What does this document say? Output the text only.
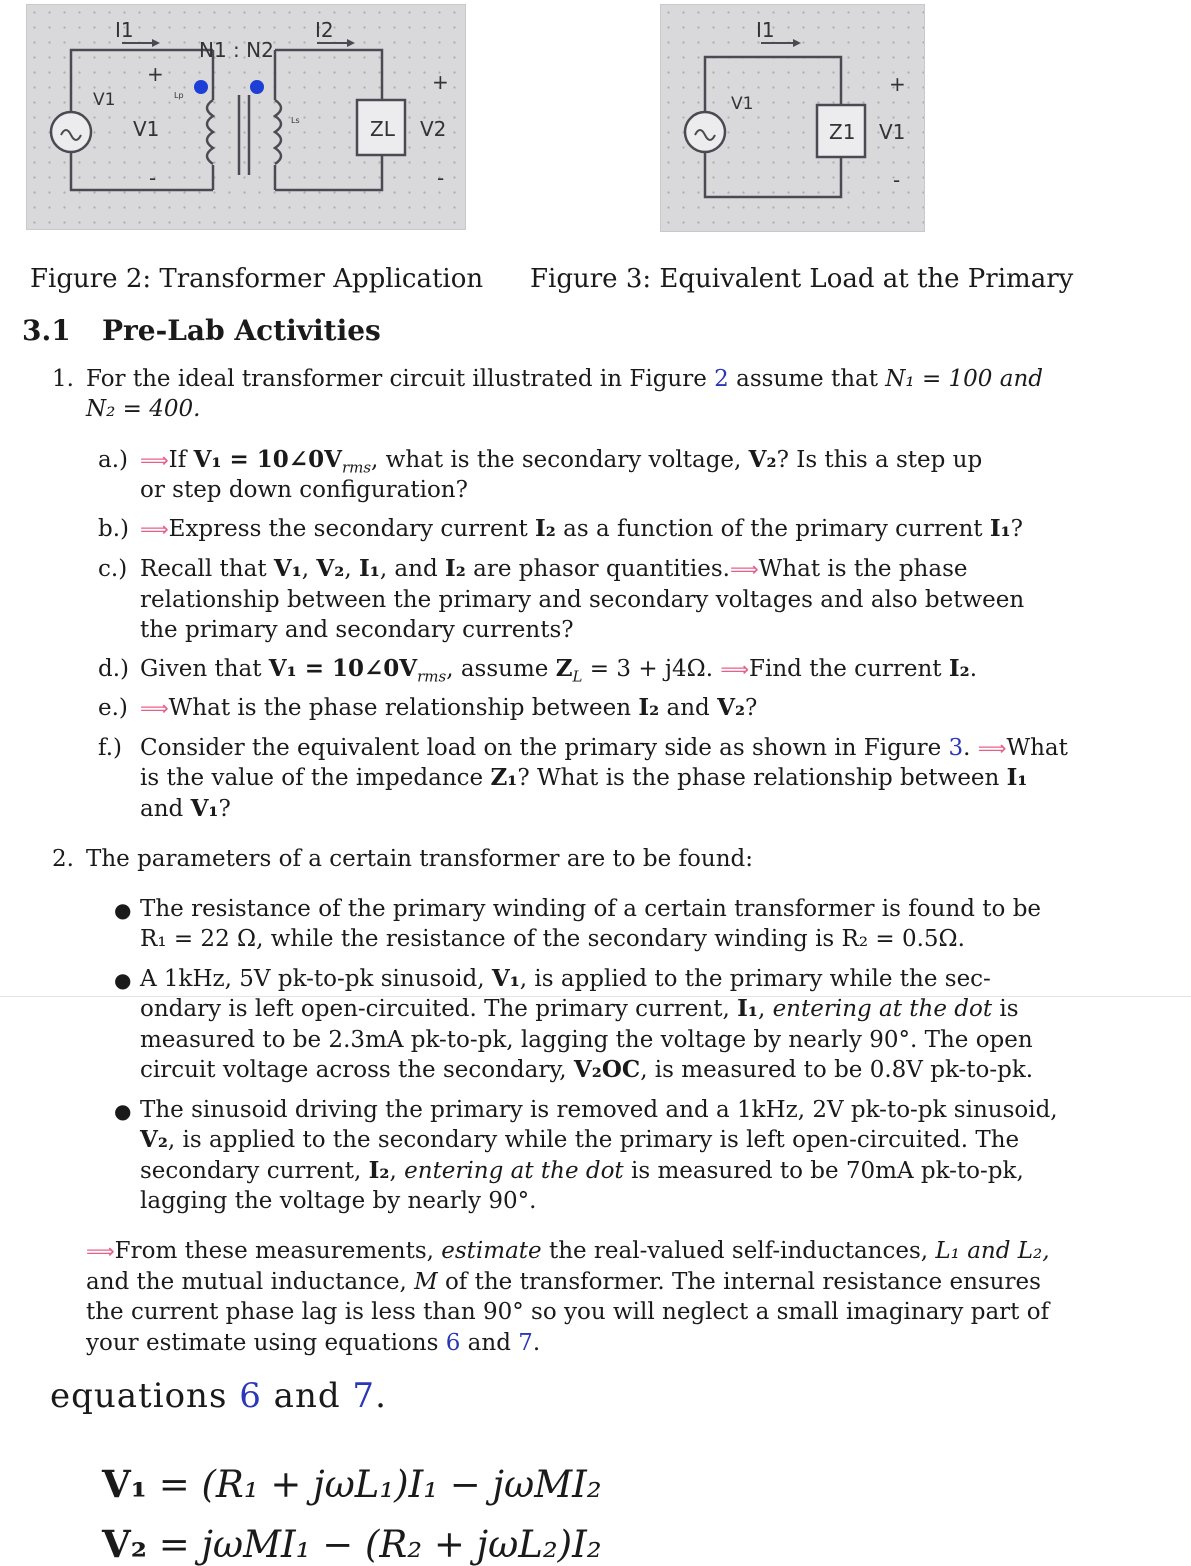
I1	I2
N1 : N2
V1
+
V1
-
Lp
Ls	ZL
+
V2
-
I1
V1
Z1
+
V1
-
Figure 2: Transformer Application Figure 3: Equivalent Load at the Primary
3.1 Pre-Lab Activities
1. For the ideal transformer circuit illustrated in Figure 2 assume that N₁ = 100 and
N₂ = 400.
a.) ⟹If $V_1 = 10\angle 0V_{rms}$, what is the secondary voltage, V₂? Is this a step up
or step down configuration?
b.) ⟹Express the secondary current I₂ as a function of the primary current I₁?
c.) Recall that V₁, V₂, I₁, and I₂ are phasor quantities.⟹What is the phase
relationship between the primary and secondary voltages and also between
the primary and secondary currents?
d.) Given that $V_1 = 10\angle 0V_{rms}$, assume $Z_L = 3 + j4\Omega$. ⟹Find the current I₂.
e.) ⟹What is the phase relationship between I₂ and V₂?
f.) Consider the equivalent load on the primary side as shown in Figure 3. ⟹What
is the value of the impedance Z₁? What is the phase relationship between I₁
and V₁?
2. The parameters of a certain transformer are to be found:
● The resistance of the primary winding of a certain transformer is found to be
R₁ = 22 Ω, while the resistance of the secondary winding is R₂ = 0.5Ω.
● A 1kHz, 5V pk-to-pk sinusoid, V₁, is applied to the primary while the sec-
ondary is left open-circuited. The primary current, I₁, entering at the dot is
measured to be 2.3mA pk-to-pk, lagging the voltage by nearly 90°. The open
circuit voltage across the secondary, V₂OC, is measured to be 0.8V pk-to-pk.
● The sinusoid driving the primary is removed and a 1kHz, 2V pk-to-pk sinusoid,
V₂, is applied to the secondary while the primary is left open-circuited. The
secondary current, I₂, entering at the dot is measured to be 70mA pk-to-pk,
lagging the voltage by nearly 90°.
⟹From these measurements, estimate the real-valued self-inductances, L₁ and L₂,
and the mutual inductance, M of the transformer. The internal resistance ensures
the current phase lag is less than 90° so you will neglect a small imaginary part of
your estimate using equations 6 and 7.
equations 6 and 7.
V₁ = (R₁ + jωL₁)I₁ − jωMI₂
V₂ = jωMI₁ − (R₂ + jωL₂)I₂
